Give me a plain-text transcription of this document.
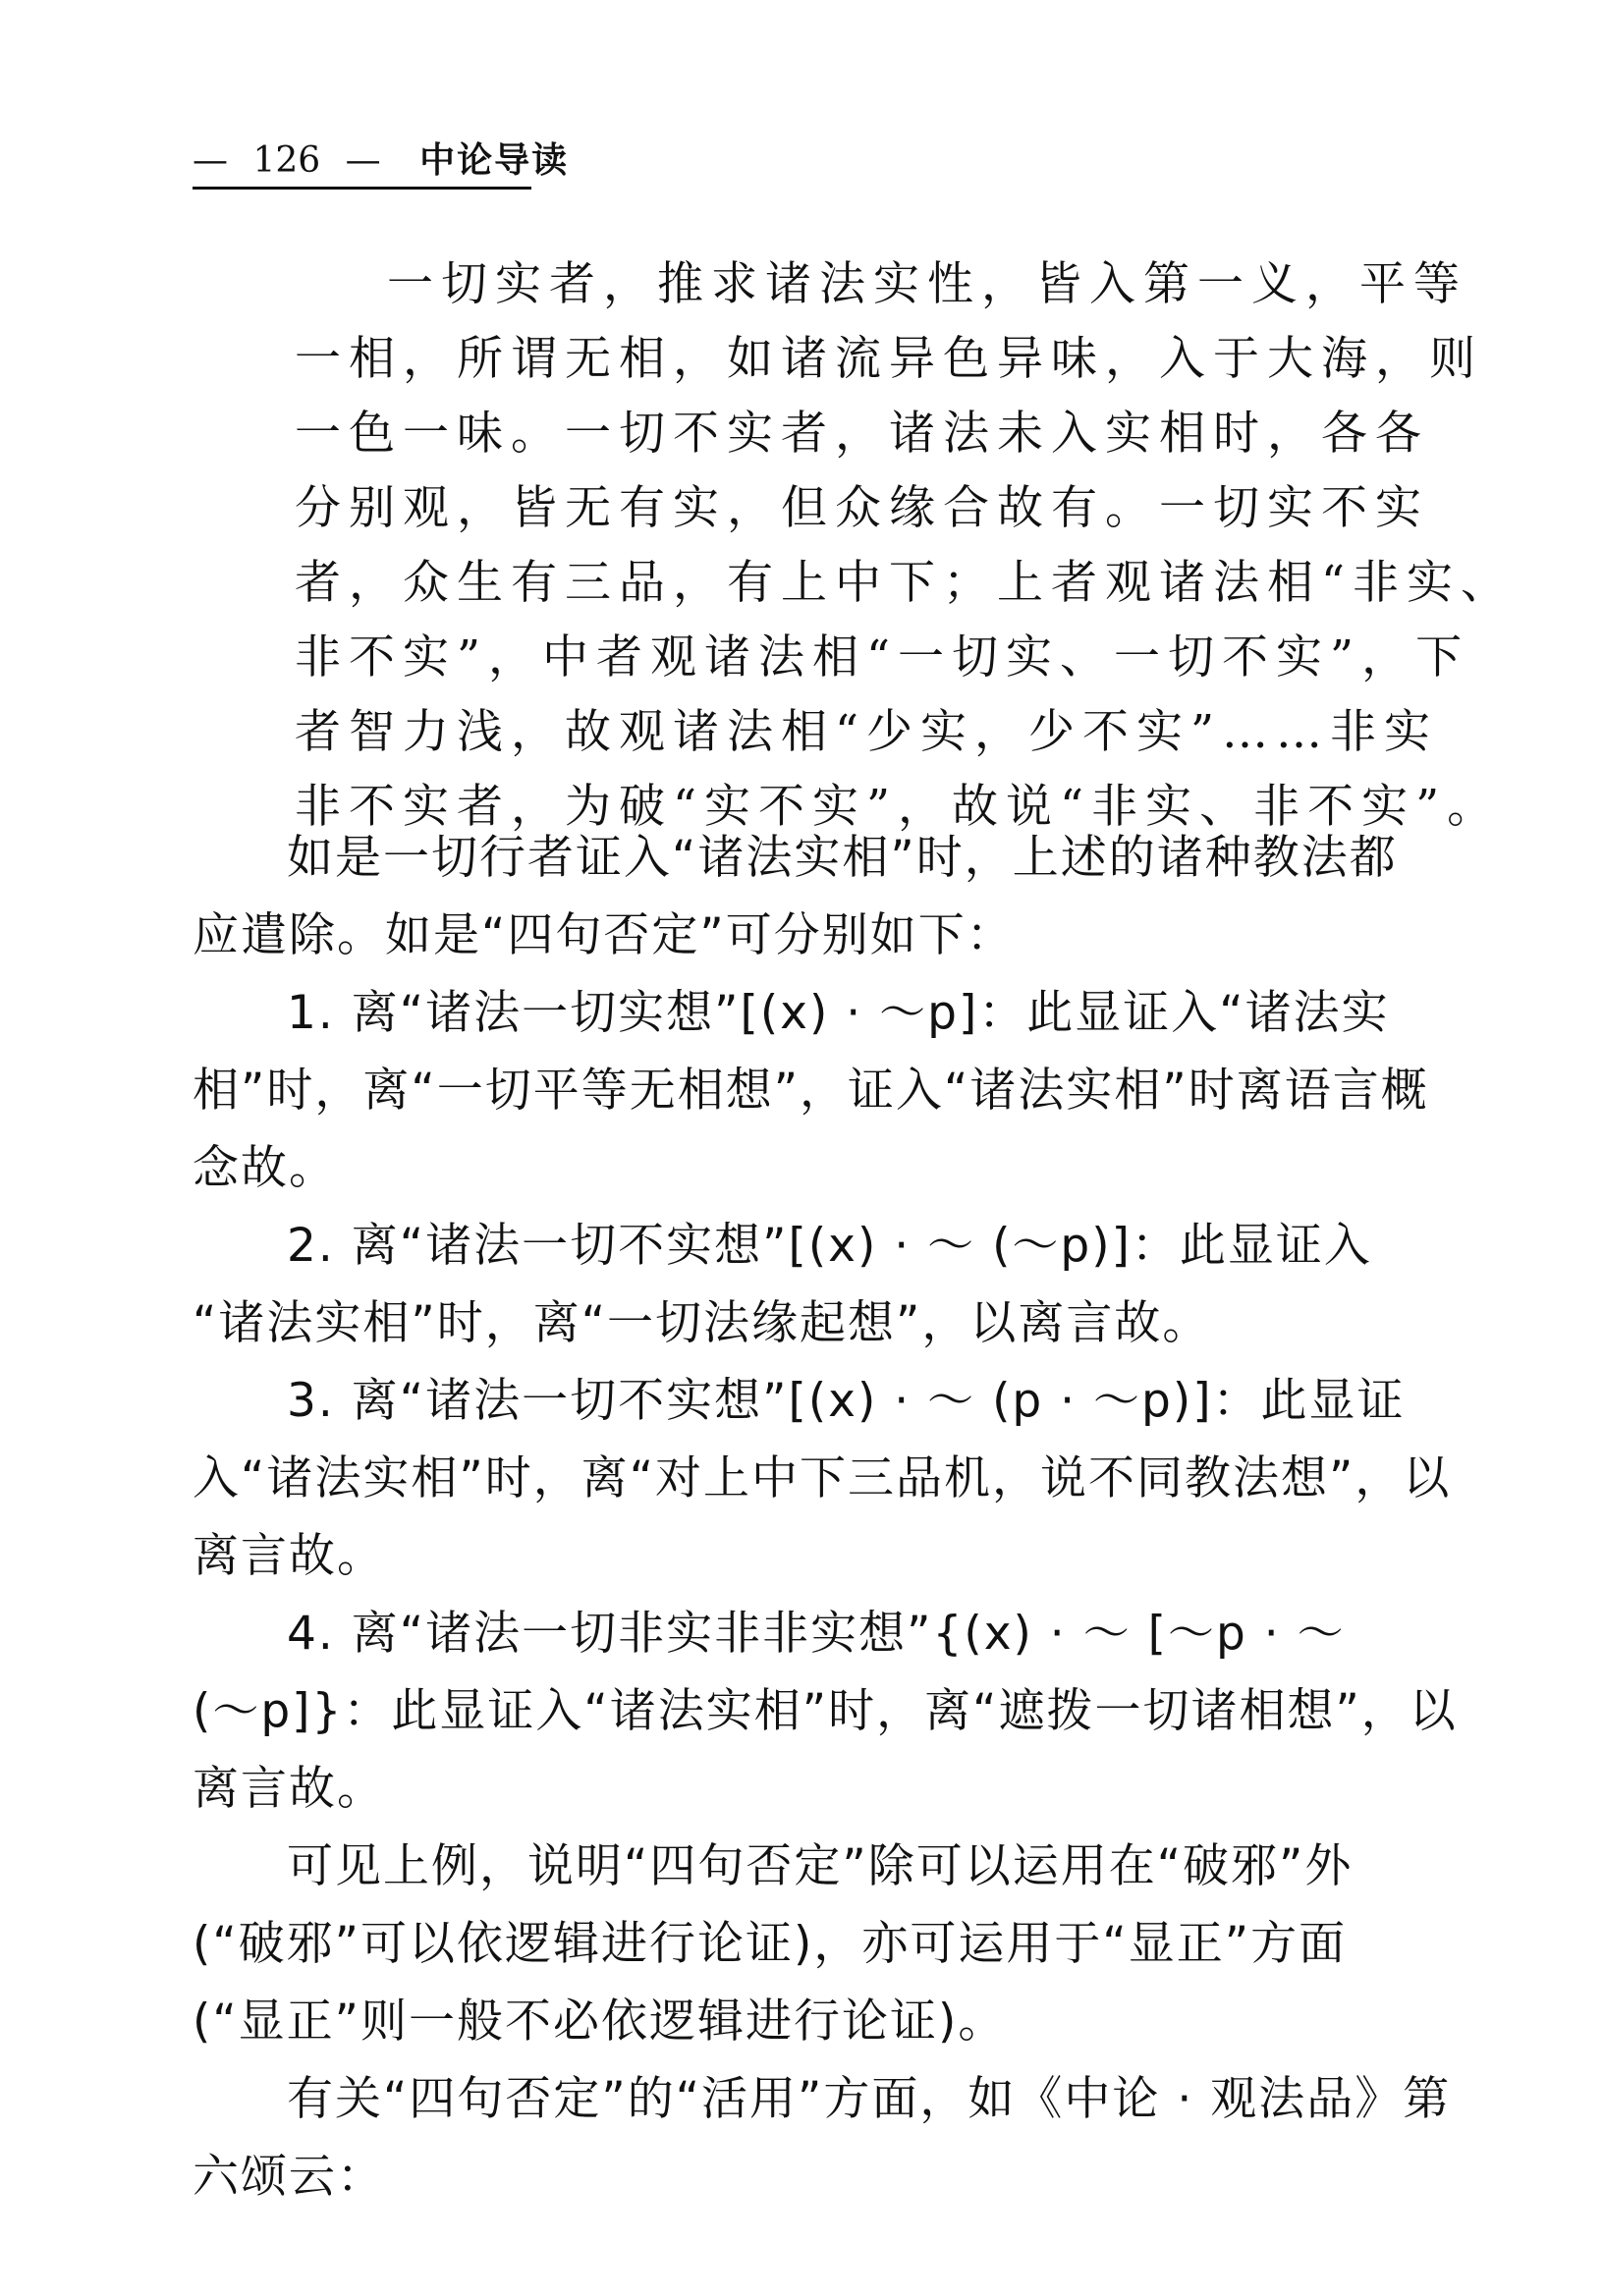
— 126 — 中论导读
一切实者，推求诸法实性，皆入第一义，平等
一相，所谓无相，如诸流异色异味，入于大海，则
一色一味。一切不实者，诸法未入实相时，各各
分别观，皆无有实，但众缘合故有。一切实不实
者，众生有三品，有上中下；上者观诸法相“非实、
非不实”，中者观诸法相“一切实、一切不实”，下
者智力浅，故观诸法相“少实，少不实”……非实
非不实者，为破“实不实”，故说“非实、非不实”。
如是一切行者证入“诸法实相”时，上述的诸种教法都
应遣除。如是“四句否定”可分别如下：
1. 离“诸法一切实想”[(x) · ～p]：此显证入“诸法实
相”时，离“一切平等无相想”，证入“诸法实相”时离语言概
念故。
2. 离“诸法一切不实想”[(x) · ～ (～p)]：此显证入
“诸法实相”时，离“一切法缘起想”，以离言故。
3. 离“诸法一切不实想”[(x) · ～ (p · ～p)]：此显证
入“诸法实相”时，离“对上中下三品机，说不同教法想”，以
离言故。
4. 离“诸法一切非实非非实想”{(x) · ～ [～p · ～
(～p]}：此显证入“诸法实相”时，离“遮拨一切诸相想”，以
离言故。
可见上例，说明“四句否定”除可以运用在“破邪”外
(“破邪”可以依逻辑进行论证)，亦可运用于“显正”方面
(“显正”则一般不必依逻辑进行论证)。
有关“四句否定”的“活用”方面，如《中论 · 观法品》第
六颂云：
